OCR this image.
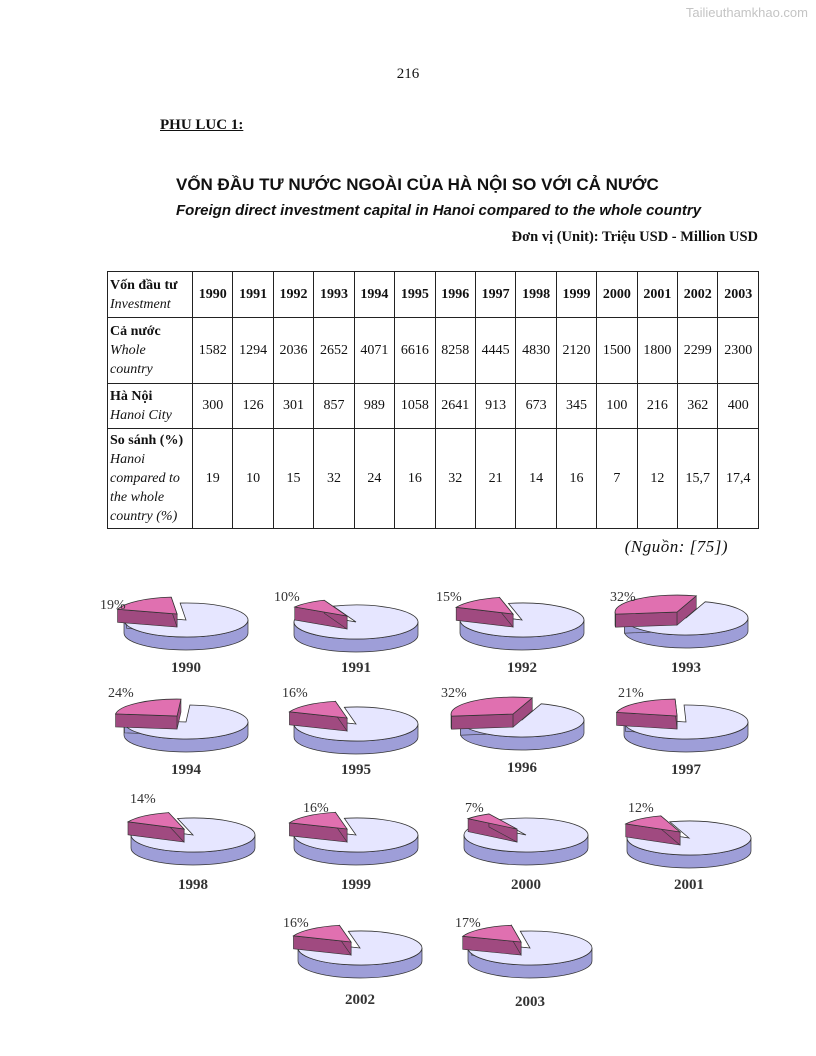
Tailieuthamkhao.com
216
PHU LUC 1:
VỐN ĐẦU TƯ NƯỚC NGOÀI CỦA HÀ NỘI SO VỚI CẢ NƯỚC
Foreign direct investment capital in Hanoi compared to the whole country
Đơn vị (Unit): Triệu USD - Million USD
Vốn đầu tư
Investment	1990	1991	1992	1993	1994	1995	1996	1997	1998	1999	2000	2001	2002	2003
Cả nước
Whole country	1582	1294	2036	2652	4071	6616	8258	4445	4830	2120	1500	1800	2299	2300
Hà Nội
Hanoi City	300	126	301	857	989	1058	2641	913	673	345	100	216	362	400
So sánh (%) Hanoi compared to the whole country (%)	19	10	15	32	24	16	32	21	14	16	7	12	15,7	17,4
(Nguồn: [75])
19%
1990
10%
1991
15%
1992
32%
1993
24%
1994
16%
1995
32%
1996
21%
1997
14%
1998
16%
1999
7%
2000
12%
2001
16%
2002
17%
2003
